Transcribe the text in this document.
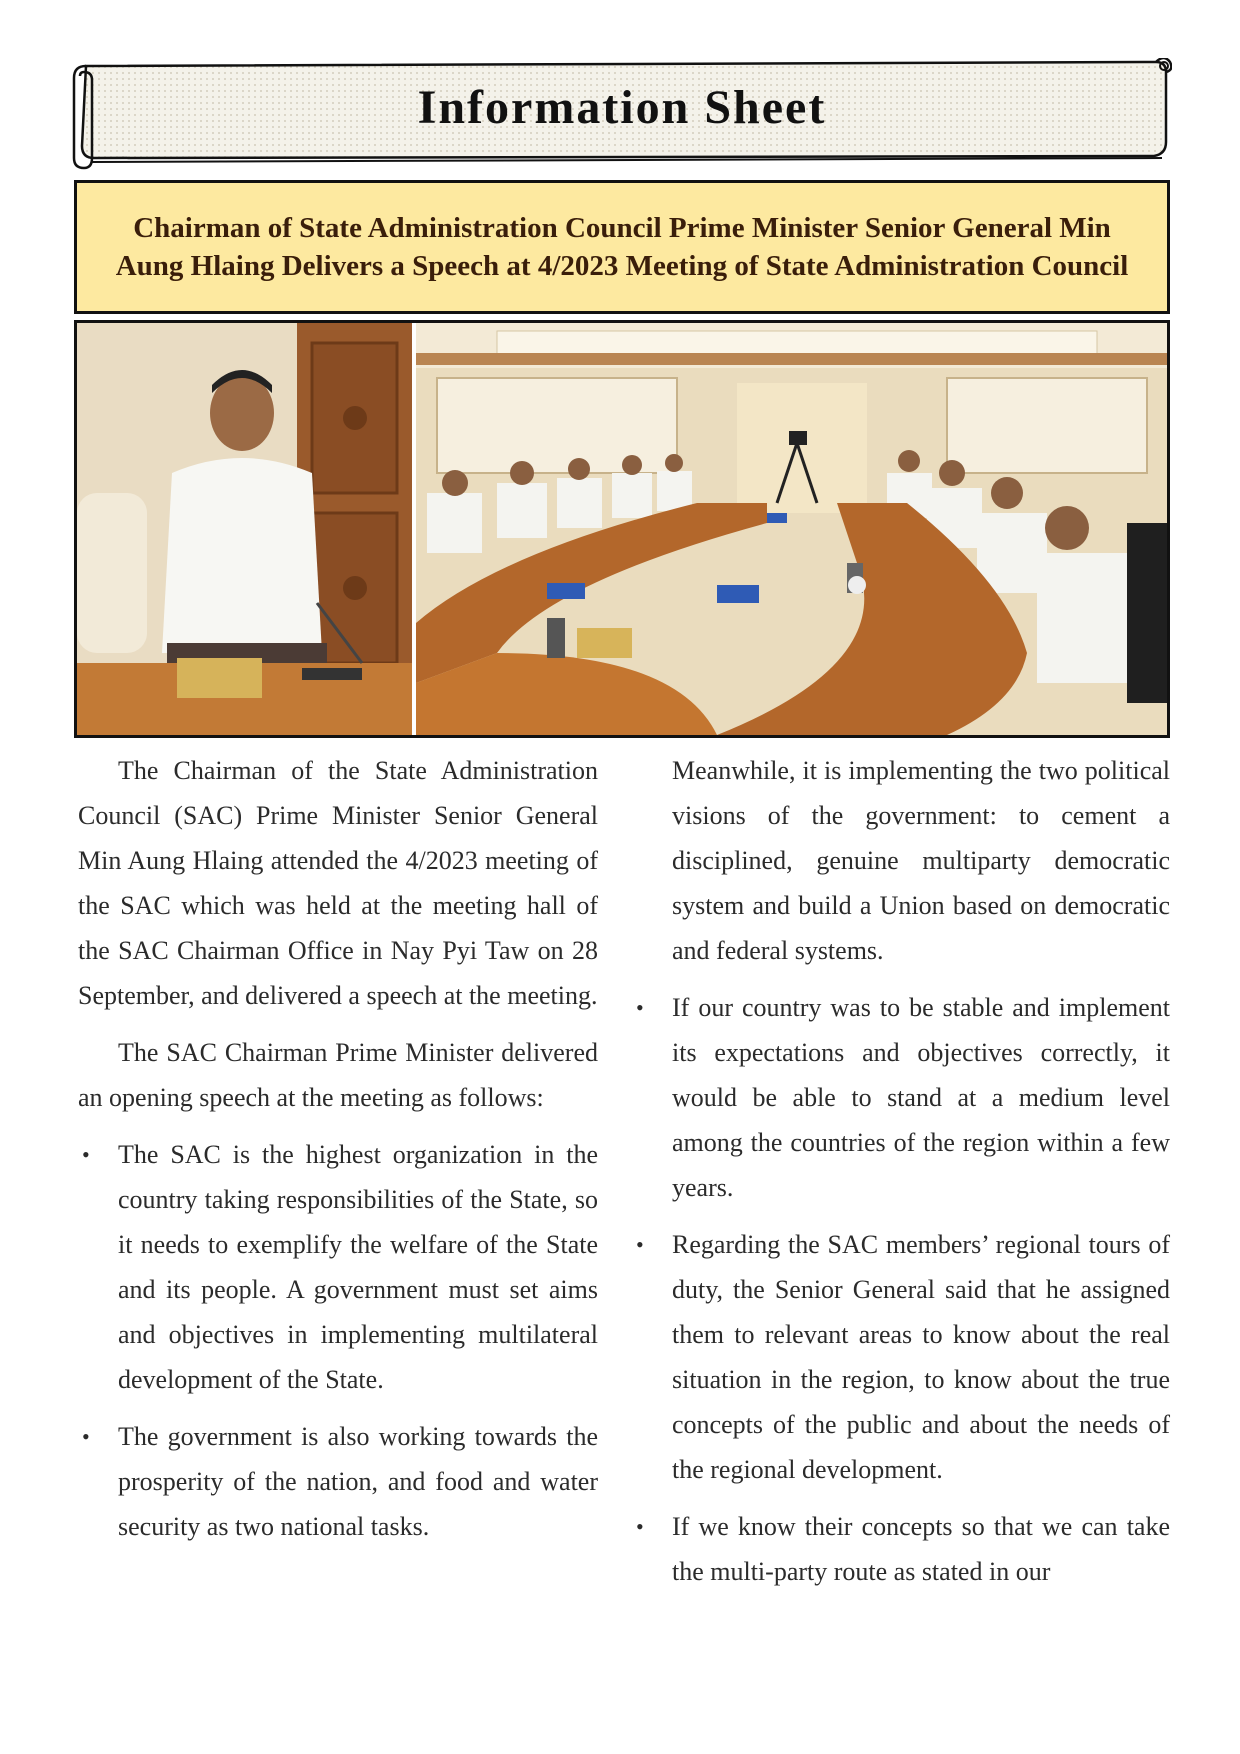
Information Sheet

Chairman of State Administration Council Prime Minister Senior General Min Aung Hlaing Delivers a Speech at 4/2023 Meeting of State Administration Council

The Chairman of the State Administration Council (SAC) Prime Minister Senior General Min Aung Hlaing attended the 4/2023 meeting of the SAC which was held at the meeting hall of the SAC Chairman Office in Nay Pyi Taw on 28 September, and delivered a speech at the meeting.

The SAC Chairman Prime Minister delivered an opening speech at the meeting as follows:

• The SAC is the highest organization in the country taking responsibilities of the State, so it needs to exemplify the welfare of the State and its people. A government must set aims and objectives in implementing multilateral development of the State.
• The government is also working towards the prosperity of the nation, and food and water security as two national tasks.

Meanwhile, it is implementing the two political visions of the government: to cement a disciplined, genuine multiparty democratic system and build a Union based on democratic and federal systems.

• If our country was to be stable and implement its expectations and objectives correctly, it would be able to stand at a medium level among the countries of the region within a few years.
• Regarding the SAC members’ regional tours of duty, the Senior General said that he assigned them to relevant areas to know about the real situation in the region, to know about the true concepts of the public and about the needs of the regional development.
• If we know their concepts so that we can take the multi-party route as stated in our
